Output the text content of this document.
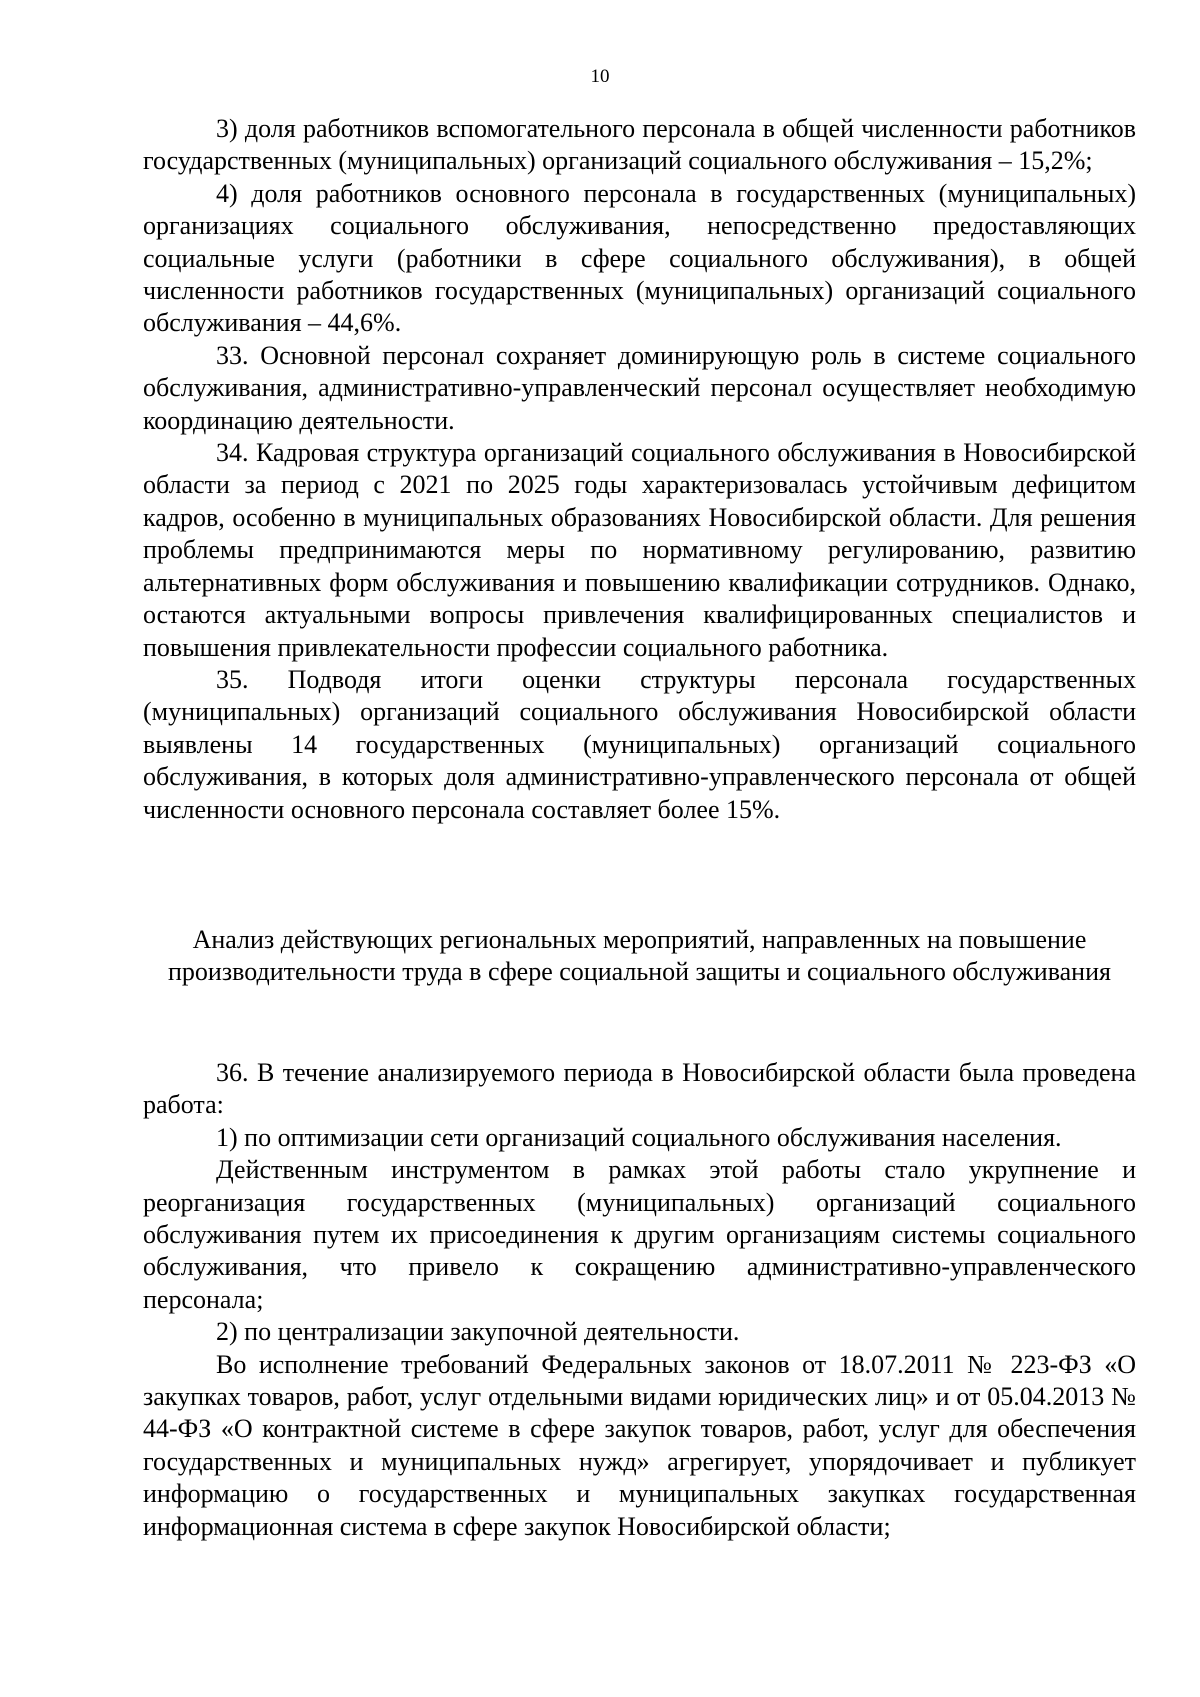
10

3) доля работников вспомогательного персонала в общей численности работников государственных (муниципальных) организаций социального обслуживания – 15,2%;

4) доля работников основного персонала в государственных (муниципальных) организациях социального обслуживания, непосредственно предоставляющих социальные услуги (работники в сфере социального обслуживания), в общей численности работников государственных (муниципальных) организаций социального обслуживания – 44,6%.

33. Основной персонал сохраняет доминирующую роль в системе социального обслуживания, административно-управленческий персонал осуществляет необходимую координацию деятельности.

34. Кадровая структура организаций социального обслуживания в Новосибирской области за период с 2021 по 2025 годы характеризовалась устойчивым дефицитом кадров, особенно в муниципальных образованиях Новосибирской области. Для решения проблемы предпринимаются меры по нормативному регулированию, развитию альтернативных форм обслуживания и повышению квалификации сотрудников. Однако, остаются актуальными вопросы привлечения квалифицированных специалистов и повышения привлекательности профессии социального работника.

35. Подводя итоги оценки структуры персонала государственных (муниципальных) организаций социального обслуживания Новосибирской области выявлены 14 государственных (муниципальных) организаций социального обслуживания, в которых доля административно-управленческого персонала от общей численности основного персонала составляет более 15%.

Анализ действующих региональных мероприятий, направленных на повышение производительности труда в сфере социальной защиты и социального обслуживания

36. В течение анализируемого периода в Новосибирской области была проведена работа:

1) по оптимизации сети организаций социального обслуживания населения.

Действенным инструментом в рамках этой работы стало укрупнение и реорганизация государственных (муниципальных) организаций социального обслуживания путем их присоединения к другим организациям системы социального обслуживания, что привело к сокращению административно-управленческого персонала;

2) по централизации закупочной деятельности.

Во исполнение требований Федеральных законов от 18.07.2011 № 223-ФЗ «О закупках товаров, работ, услуг отдельными видами юридических лиц» и от 05.04.2013 № 44-ФЗ «О контрактной системе в сфере закупок товаров, работ, услуг для обеспечения государственных и муниципальных нужд» агрегирует, упорядочивает и публикует информацию о государственных и муниципальных закупках государственная информационная система в сфере закупок Новосибирской области;
